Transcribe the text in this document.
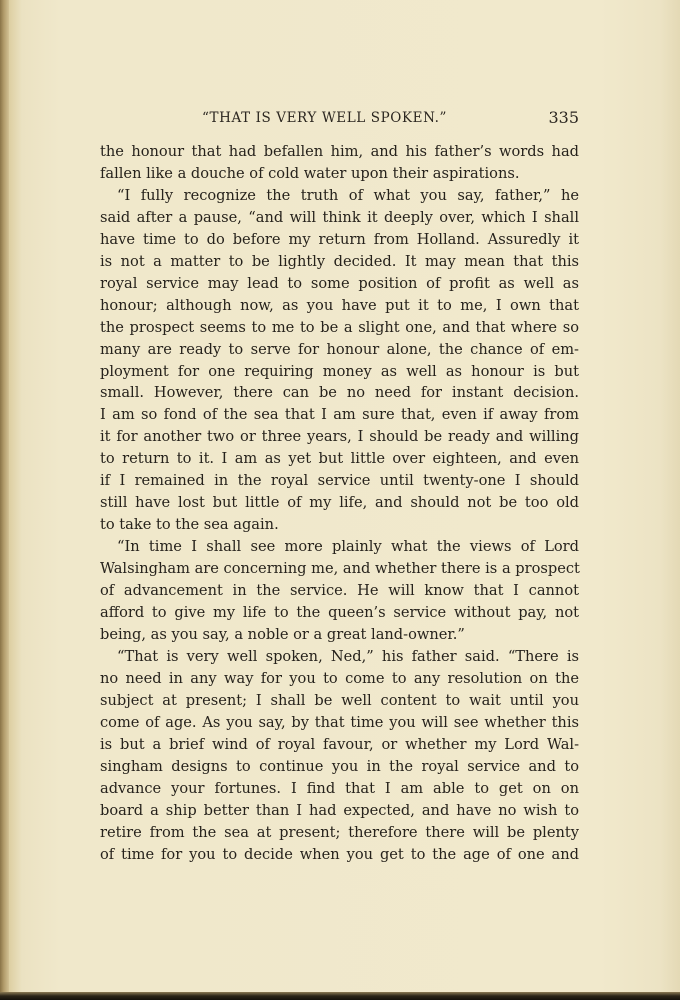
“THAT IS VERY WELL SPOKEN.”	335
the honour that had befallen him, and his father’s words had
fallen like a douche of cold water upon their aspirations.
“I fully recognize the truth of what you say, father,” he
said after a pause, “and will think it deeply over, which I shall
have time to do before my return from Holland. Assuredly it
is not a matter to be lightly decided. It may mean that this
royal service may lead to some position of profit as well as
honour; although now, as you have put it to me, I own that
the prospect seems to me to be a slight one, and that where so
many are ready to serve for honour alone, the chance of em-
ployment for one requiring money as well as honour is but
small. However, there can be no need for instant decision.
I am so fond of the sea that I am sure that, even if away from
it for another two or three years, I should be ready and willing
to return to it. I am as yet but little over eighteen, and even
if I remained in the royal service until twenty-one I should
still have lost but little of my life, and should not be too old
to take to the sea again.
“In time I shall see more plainly what the views of Lord
Walsingham are concerning me, and whether there is a prospect
of advancement in the service. He will know that I cannot
afford to give my life to the queen’s service without pay, not
being, as you say, a noble or a great land-owner.”
“That is very well spoken, Ned,” his father said. “There is
no need in any way for you to come to any resolution on the
subject at present; I shall be well content to wait until you
come of age. As you say, by that time you will see whether this
is but a brief wind of royal favour, or whether my Lord Wal-
singham designs to continue you in the royal service and to
advance your fortunes. I find that I am able to get on on
board a ship better than I had expected, and have no wish to
retire from the sea at present; therefore there will be plenty
of time for you to decide when you get to the age of one and
